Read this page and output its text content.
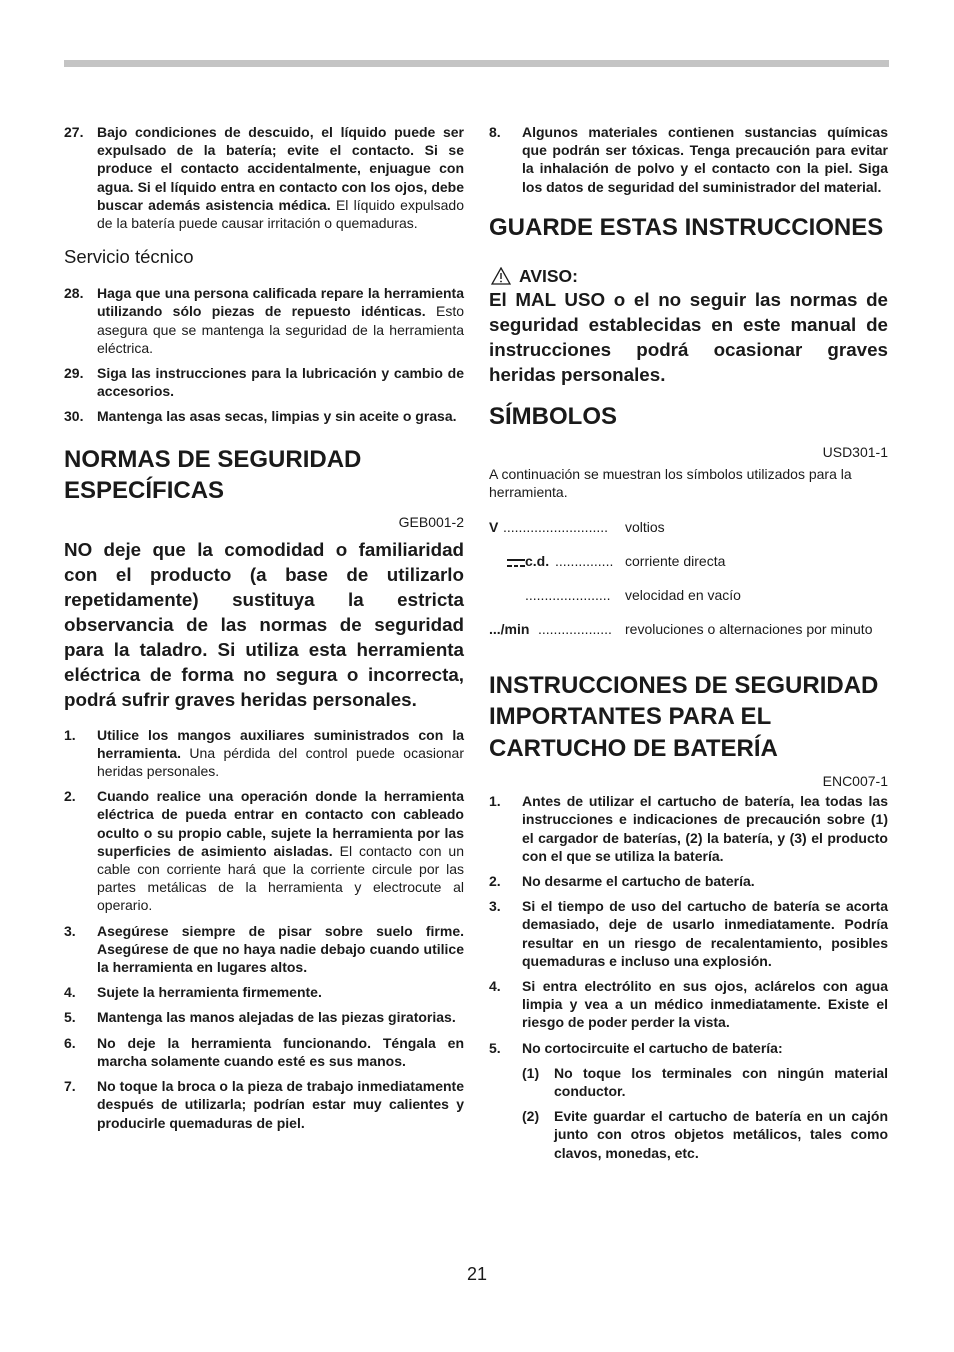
27. Bajo condiciones de descuido, el líquido puede ser expulsado de la batería; evite el contacto. Si se produce el contacto accidentalmente, enjuague con agua. Si el líquido entra en contacto con los ojos, debe buscar además asistencia médica. El líquido expulsado de la batería puede causar irritación o quemaduras.
Servicio técnico
28. Haga que una persona calificada repare la herramienta utilizando sólo piezas de repuesto idénticas. Esto asegura que se mantenga la seguridad de la herramienta eléctrica.
29. Siga las instrucciones para la lubricación y cambio de accesorios.
30. Mantenga las asas secas, limpias y sin aceite o grasa.
NORMAS DE SEGURIDAD ESPECÍFICAS
GEB001-2
NO deje que la comodidad o familiaridad con el producto (a base de utilizarlo repetidamente) sustituya la estricta observancia de las normas de seguridad para la taladro. Si utiliza esta herramienta eléctrica de forma no segura o incorrecta, podrá sufrir graves heridas personales.
1. Utilice los mangos auxiliares suministrados con la herramienta. Una pérdida del control puede ocasionar heridas personales.
2. Cuando realice una operación donde la herramienta eléctrica de pueda entrar en contacto con cableado oculto o su propio cable, sujete la herramienta por las superficies de asimiento aisladas. El contacto con un cable con corriente hará que la corriente circule por las partes metálicas de la herramienta y electrocute al operario.
3. Asegúrese siempre de pisar sobre suelo firme. Asegúrese de que no haya nadie debajo cuando utilice la herramienta en lugares altos.
4. Sujete la herramienta firmemente.
5. Mantenga las manos alejadas de las piezas giratorias.
6. No deje la herramienta funcionando. Téngala en marcha solamente cuando esté es sus manos.
7. No toque la broca o la pieza de trabajo inmediatamente después de utilizarla; podrían estar muy calientes y producirle quemaduras de piel.
8. Algunos materiales contienen sustancias químicas que podrán ser tóxicas. Tenga precaución para evitar la inhalación de polvo y el contacto con la piel. Siga los datos de seguridad del suministrador del material.
GUARDE ESTAS INSTRUCCIONES
AVISO:
El MAL USO o el no seguir las normas de seguridad establecidas en este manual de instrucciones podrá ocasionar graves heridas personales.
SÍMBOLOS
USD301-1
A continuación se muestran los símbolos utilizados para la herramienta.
V ...........................	voltios
c.d. ............... corriente directa
......................	velocidad en vacío
.../min ................... revoluciones o alternaciones por minuto
INSTRUCCIONES DE SEGURIDAD IMPORTANTES PARA EL CARTUCHO DE BATERÍA
ENC007-1
1. Antes de utilizar el cartucho de batería, lea todas las instrucciones e indicaciones de precaución sobre (1) el cargador de baterías, (2) la batería, y (3) el producto con el que se utiliza la batería.
2. No desarme el cartucho de batería.
3. Si el tiempo de uso del cartucho de batería se acorta demasiado, deje de usarlo inmediatamente. Podría resultar en un riesgo de recalentamiento, posibles quemaduras e incluso una explosión.
4. Si entra electrólito en sus ojos, aclárelos con agua limpia y vea a un médico inmediatamente. Existe el riesgo de poder perder la vista.
5. No cortocircuite el cartucho de batería:
(1) No toque los terminales con ningún material conductor.
(2) Evite guardar el cartucho de batería en un cajón junto con otros objetos metálicos, tales como clavos, monedas, etc.
21
